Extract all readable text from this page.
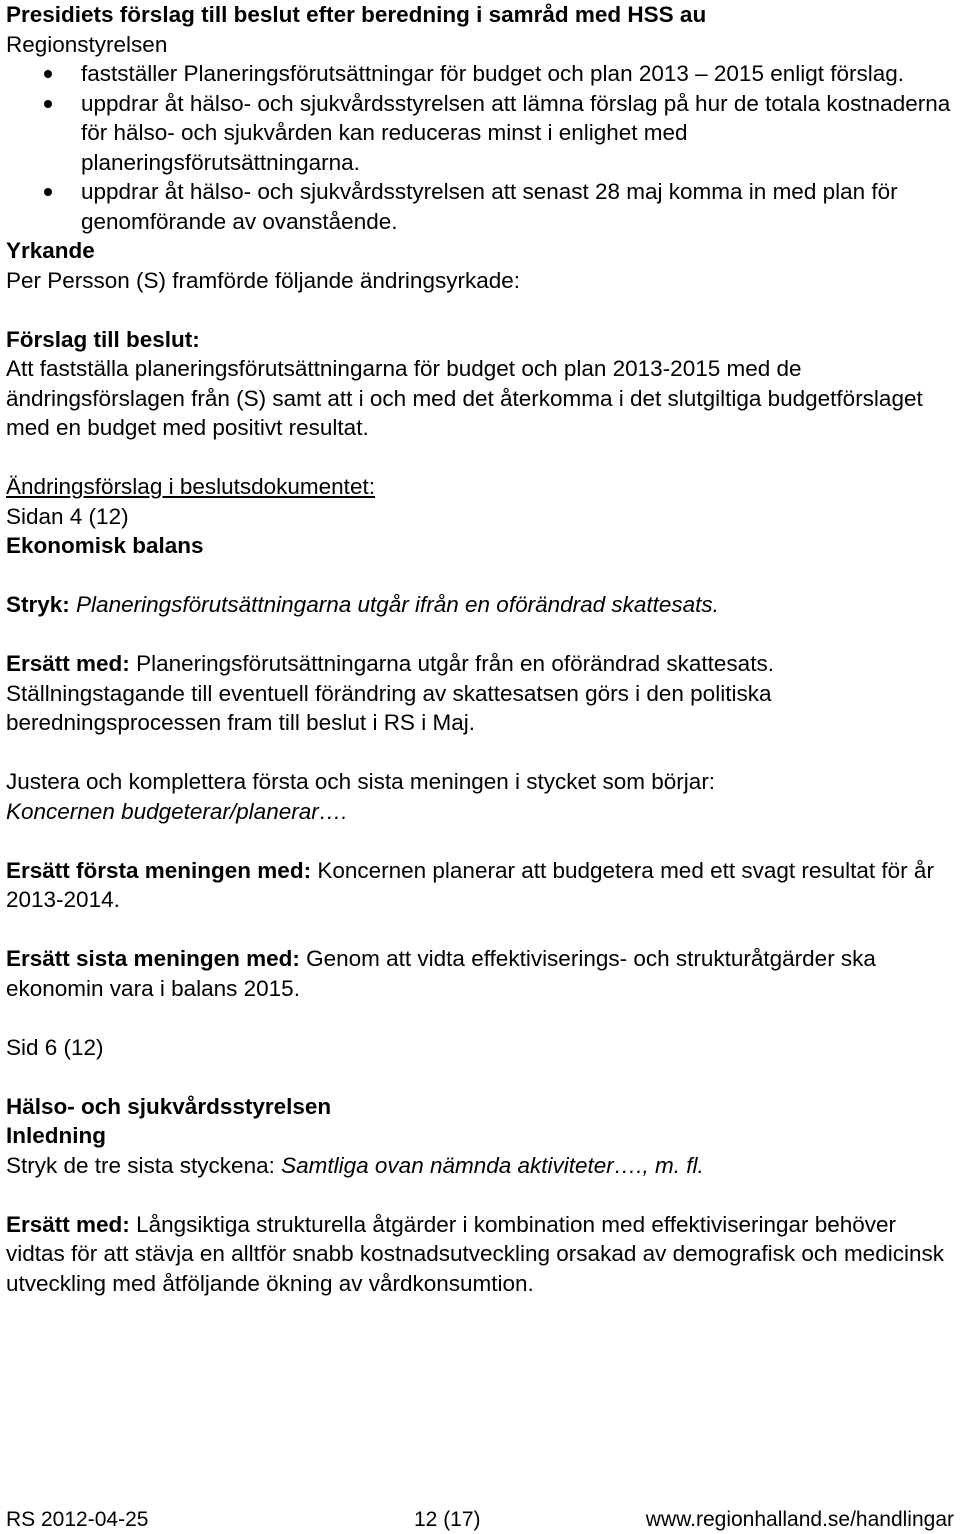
Presidiets förslag till beslut efter beredning i samråd med HSS au

Regionstyrelsen

fastställer Planeringsförutsättningar för budget och plan 2013 – 2015 enligt förslag.
uppdrar åt hälso- och sjukvårdsstyrelsen att lämna förslag på hur de totala kostnaderna för hälso- och sjukvården kan reduceras minst i enlighet med planeringsförutsättningarna.
uppdrar åt hälso- och sjukvårdsstyrelsen att senast 28 maj komma in med plan för genomförande av ovanstående.

Yrkande

Per Persson (S) framförde följande ändringsyrkade:

Förslag till beslut:

Att fastställa planeringsförutsättningarna för budget och plan 2013-2015 med de ändringsförslagen från (S) samt att i och med det återkomma i det slutgiltiga budgetförslaget med en budget med positivt resultat.

Ändringsförslag i beslutsdokumentet:

Sidan 4 (12)

Ekonomisk balans

Stryk: Planeringsförutsättningarna utgår ifrån en oförändrad skattesats.

Ersätt med: Planeringsförutsättningarna utgår från en oförändrad skattesats. Ställningstagande till eventuell förändring av skattesatsen görs i den politiska beredningsprocessen fram till beslut i RS i Maj.

Justera och komplettera första och sista meningen i stycket som börjar:

Koncernen budgeterar/planerar….

Ersätt första meningen med: Koncernen planerar att budgetera med ett svagt resultat för år 2013-2014.

Ersätt sista meningen med: Genom att vidta effektiviserings- och strukturåtgärder ska ekonomin vara i balans 2015.

Sid 6 (12)

Hälso- och sjukvårdsstyrelsen

Inledning

Stryk de tre sista styckena: Samtliga ovan nämnda aktiviteter…., m. fl.

Ersätt med: Långsiktiga strukturella åtgärder i kombination med effektiviseringar behöver vidtas för att stävja en alltför snabb kostnadsutveckling orsakad av demografisk och medicinsk utveckling med åtföljande ökning av vårdkonsumtion.

RS 2012-04-25	12 (17)	www.regionhalland.se/handlingar
